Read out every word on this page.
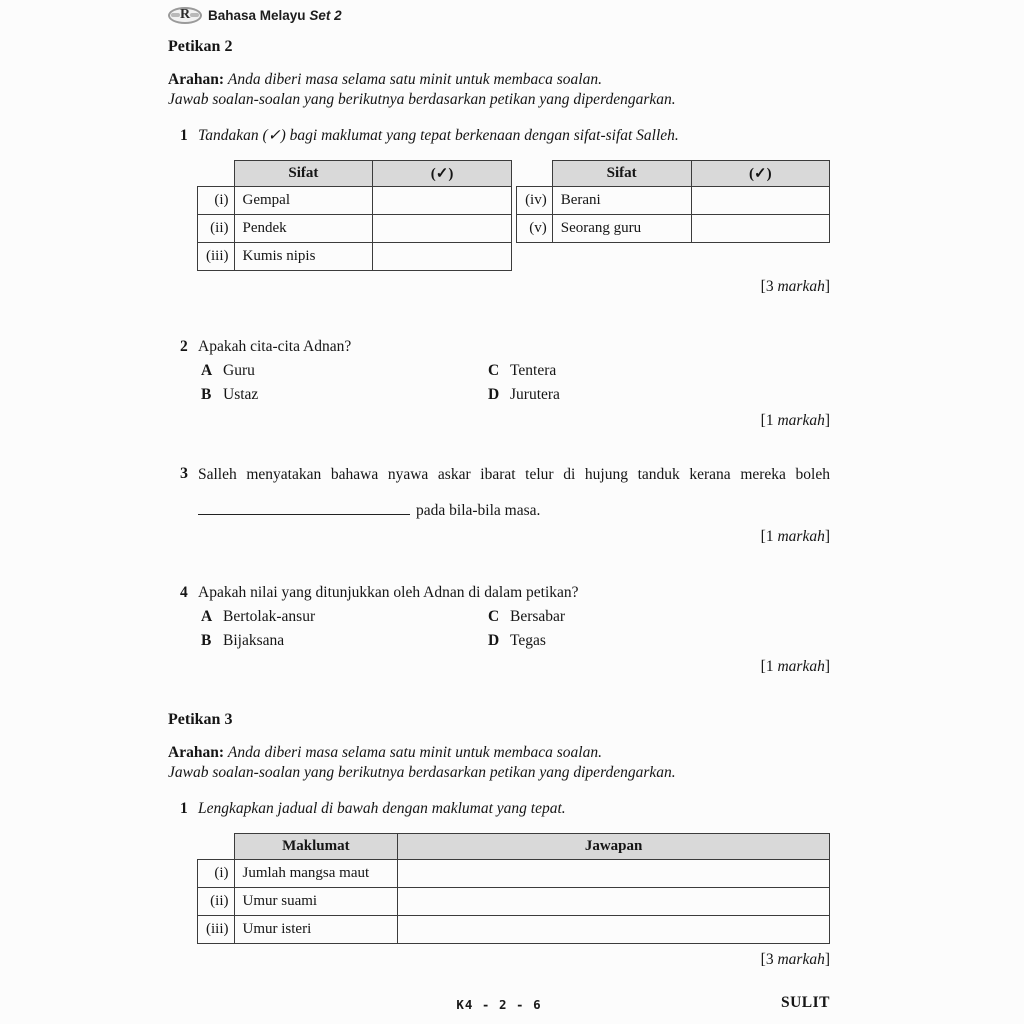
R Bahasa Melayu Set 2
Petikan 2
Arahan: Anda diberi masa selama satu minit untuk membaca soalan.
Jawab soalan-soalan yang berikutnya berdasarkan petikan yang diperdengarkan.
1 Tandakan (✓) bagi maklumat yang tepat berkenaan dengan sifat-sifat Salleh.
	Sifat	(✓)
(i)	Gempal	
(ii)	Pendek	
(iii)	Kumis nipis	
	Sifat	(✓)
(iv)	Berani	
(v)	Seorang guru	
[3 markah]
2 Apakah cita-cita Adnan?
A Guru	C Tentera
B Ustaz	D Jurutera
[1 markah]
3 Salleh menyatakan bahawa nyawa askar ibarat telur di hujung tanduk kerana mereka boleh
pada bila-bila masa.
[1 markah]
4 Apakah nilai yang ditunjukkan oleh Adnan di dalam petikan?
A Bertolak-ansur	C Bersabar
B Bijaksana	D Tegas
[1 markah]
Petikan 3
Arahan: Anda diberi masa selama satu minit untuk membaca soalan.
Jawab soalan-soalan yang berikutnya berdasarkan petikan yang diperdengarkan.
1 Lengkapkan jadual di bawah dengan maklumat yang tepat.
	Maklumat	Jawapan
(i)	Jumlah mangsa maut	
(ii)	Umur suami	
(iii)	Umur isteri	
[3 markah]
K4 - 2 - 6	SULIT
